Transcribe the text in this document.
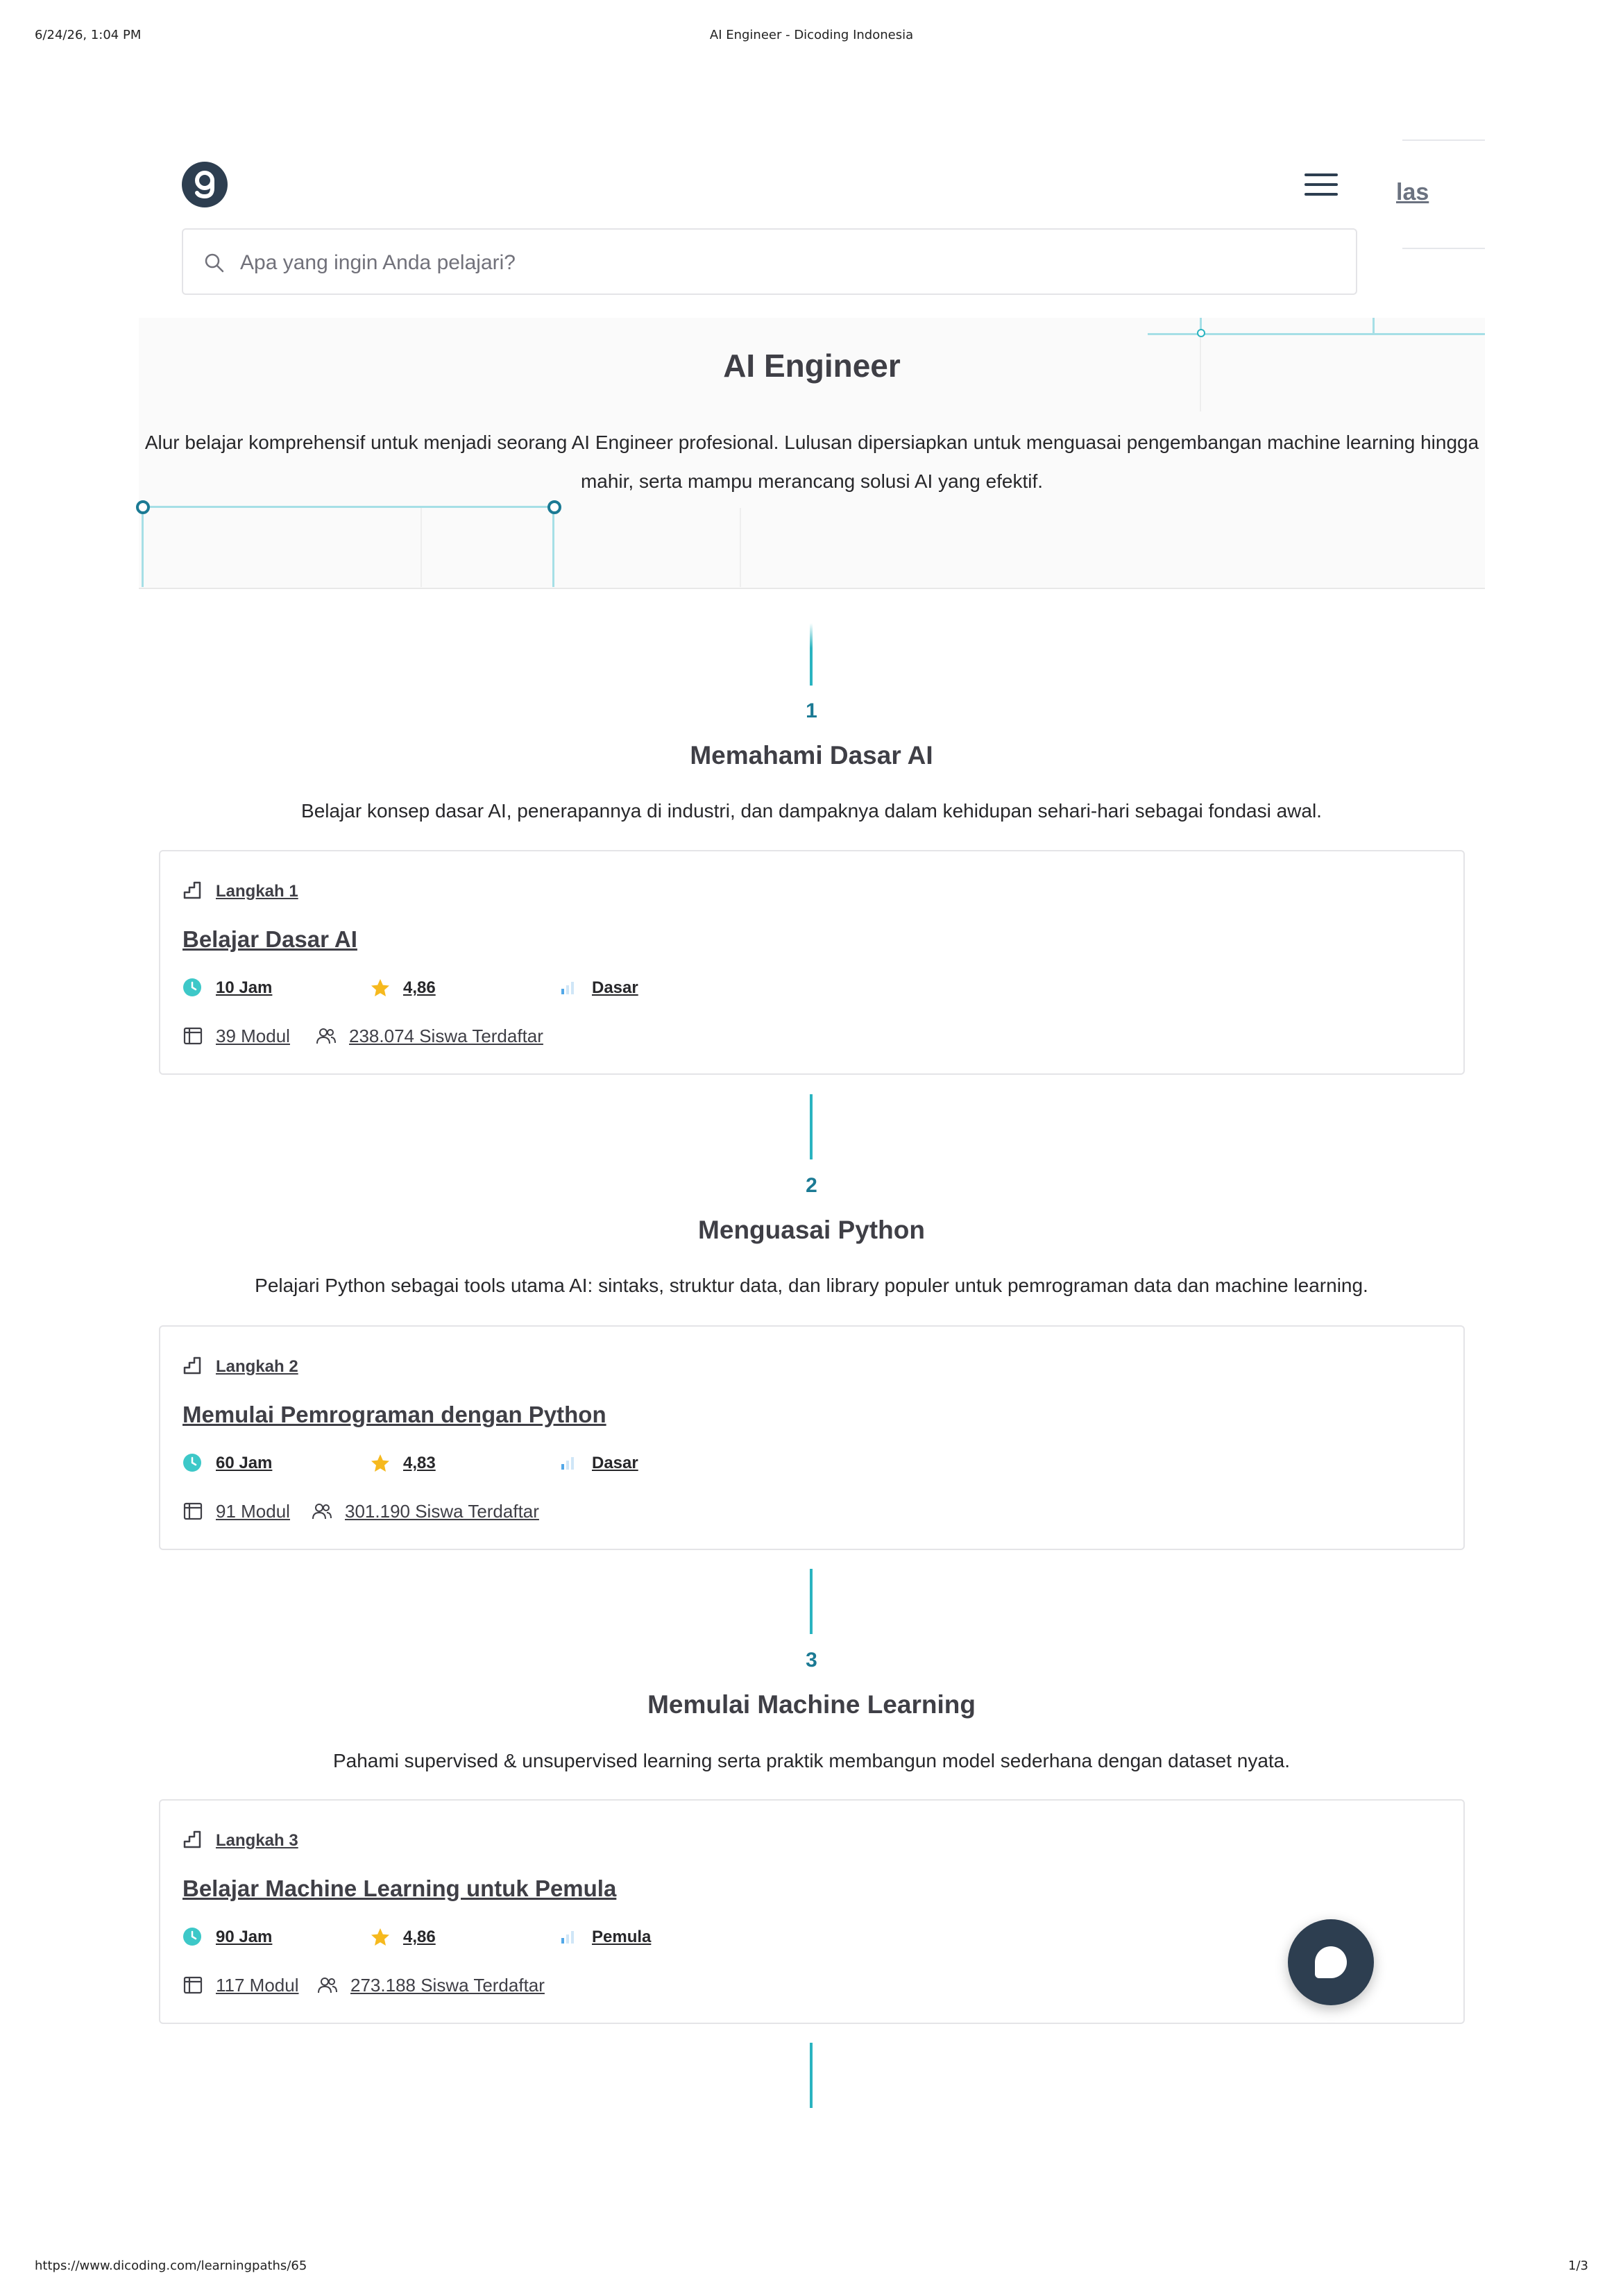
6/24/26, 1:04 PM	AI Engineer - Dicoding Indonesia
las
Apa yang ingin Anda pelajari?
AI Engineer
Alur belajar komprehensif untuk menjadi seorang AI Engineer profesional. Lulusan dipersiapkan untuk menguasai pengembangan machine learning hingga mahir, serta mampu merancang solusi AI yang efektif.
1
Memahami Dasar AI
Belajar konsep dasar AI, penerapannya di industri, dan dampaknya dalam kehidupan sehari-hari sebagai fondasi awal.
Langkah 1
Belajar Dasar AI
10 Jam	4,86	Dasar
39 Modul	238.074 Siswa Terdaftar
2
Menguasai Python
Pelajari Python sebagai tools utama AI: sintaks, struktur data, dan library populer untuk pemrograman data dan machine learning.
Langkah 2
Memulai Pemrograman dengan Python
60 Jam	4,83	Dasar
91 Modul	301.190 Siswa Terdaftar
3
Memulai Machine Learning
Pahami supervised & unsupervised learning serta praktik membangun model sederhana dengan dataset nyata.
Langkah 3
Belajar Machine Learning untuk Pemula
90 Jam	4,86	Pemula
117 Modul	273.188 Siswa Terdaftar
https://www.dicoding.com/learningpaths/65	1/3
